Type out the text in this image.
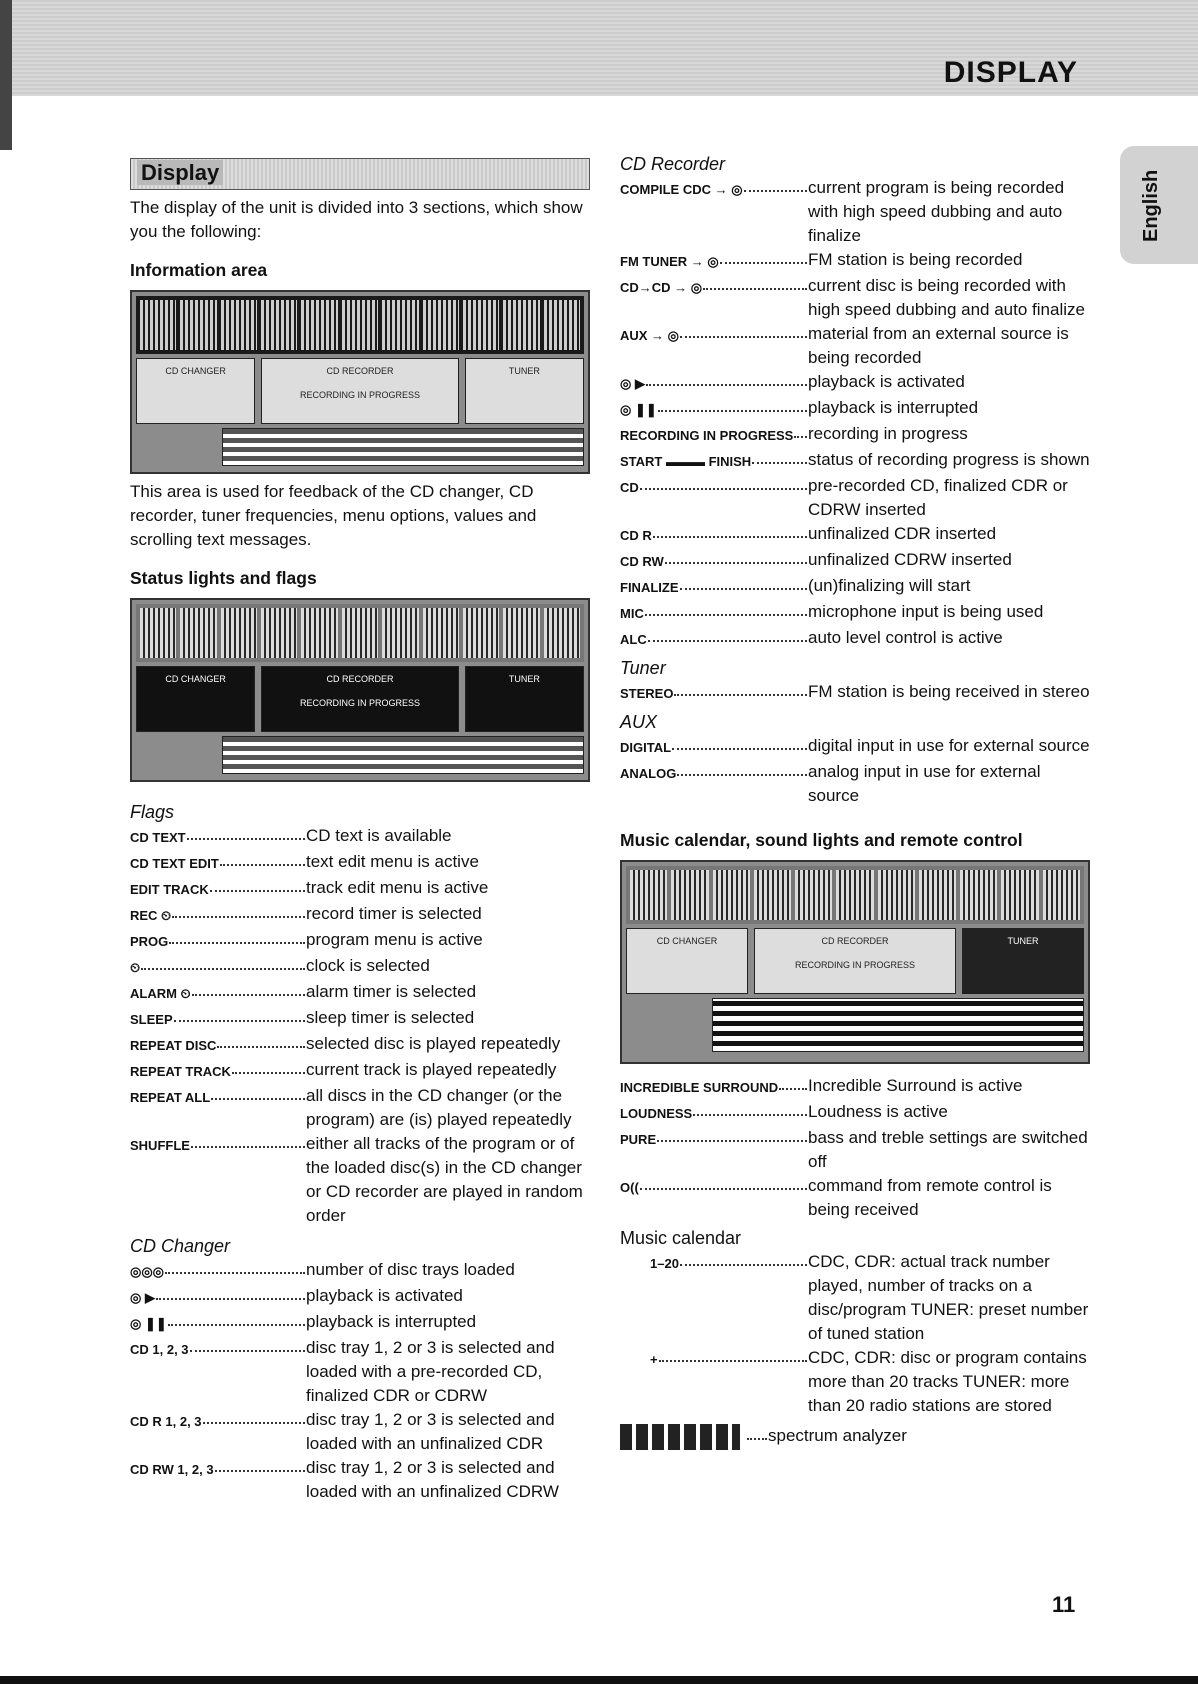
DISPLAY
English
Display

The display of the unit is divided into 3 sections, which show you the following:

Information area
CD CHANGER	CD RECORDER
RECORDING IN PROGRESS
TUNER

This area is used for feedback of the CD changer, CD recorder, tuner frequencies, menu options, values and scrolling text messages.

Status lights and flags
CD CHANGER	CD RECORDER
RECORDING IN PROGRESS
TUNER

Flags

CD TEXT	CD text is available
CD TEXT EDIT	text edit menu is active
EDIT TRACK	track edit menu is active
REC ⏲	record timer is selected
PROG	program menu is active
⏲	clock is selected
ALARM ⏲	alarm timer is selected
SLEEP	sleep timer is selected
REPEAT DISC	selected disc is played repeatedly
REPEAT TRACK	current track is played repeatedly
REPEAT ALL	all discs in the CD changer (or the program) are (is) played repeatedly
SHUFFLE	either all tracks of the program or of the loaded disc(s) in the CD changer or CD recorder are played in random order

CD Changer

◎◎◎	number of disc trays loaded
◎ ▶	playback is activated
◎ ❚❚	playback is interrupted
CD 1, 2, 3	disc tray 1, 2 or 3 is selected and loaded with a pre-recorded CD, finalized CDR or CDRW
CD R 1, 2, 3	disc tray 1, 2 or 3 is selected and loaded with an unfinalized CDR
CD RW 1, 2, 3	disc tray 1, 2 or 3 is selected and loaded with an unfinalized CDRW

CD Recorder

COMPILE CDC → ◎	current program is being recorded with high speed dubbing and auto finalize
FM TUNER → ◎	FM station is being recorded
CD→CD → ◎	current disc is being recorded with high speed dubbing and auto finalize
AUX → ◎	material from an external source is being recorded
◎ ▶	playback is activated
◎ ❚❚	playback is interrupted
RECORDING IN PROGRESS recording in progress
START ▬▬▬ FINISH	status of recording progress is shown
CD	pre-recorded CD, finalized CDR or CDRW inserted
CD R	unfinalized CDR inserted
CD RW	unfinalized CDRW inserted
FINALIZE	(un)finalizing will start
MIC	microphone input is being used
ALC	auto level control is active

Tuner

STEREO	FM station is being received in stereo

AUX

DIGITAL	digital input in use for external source
ANALOG	analog input in use for external source
Music calendar, sound lights and remote control
CD CHANGER	CD RECORDER
RECORDING IN PROGRESS
TUNER
INCREDIBLE SURROUND Incredible Surround is active
LOUDNESS	Loudness is active
PURE	bass and treble settings are switched off
O((	command from remote control is being received

Music calendar

1–20	CDC, CDR: actual track number played, number of tracks on a disc/program TUNER: preset number of tuned station
+	CDC, CDR: disc or program contains more than 20 tracks TUNER: more than 20 radio stations are stored
spectrum analyzer
11
